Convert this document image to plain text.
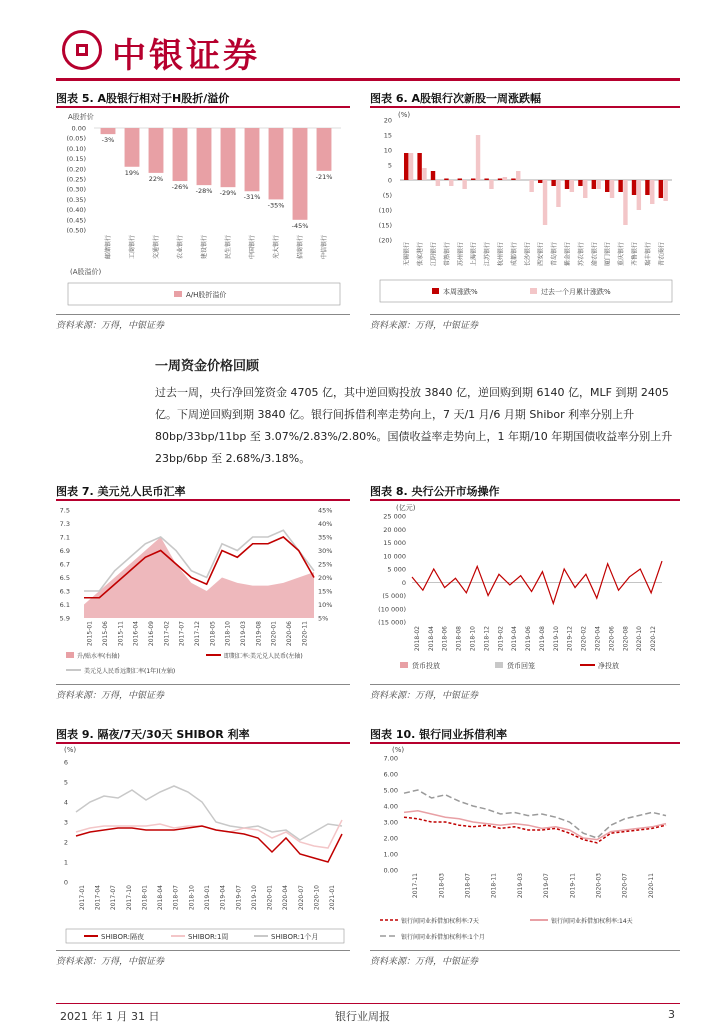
中银证券
图表 5. A股银行相对于H股折/溢价
A股折价
0.00
(0.05)
(0.10)
(0.15)
(0.20)
(0.25)
(0.30)
(0.35)
(0.40)
(0.45)
(0.50)
-3%
邮储银行
19%
工商银行
22%
交通银行
-26%
农业银行
-28%
建设银行
-29%
民生银行
-31%
中国银行
-35%
光大银行
-45%
招商银行
-21%
中信银行
(A股溢价)
A/H股折溢价
资料来源：万得，中银证券
图表 6. A股银行次新股一周涨跌幅
(%)
20
15
10
5
0
(5)
(10)
(15)
(20)
无锡银行 张家港行 江阴银行 常熟银行 苏州银行 上海银行 江苏银行 杭州银行 成都银行 长沙银行 西安银行 青岛银行 紫金银行 苏农银行 渝农银行 厦门银行 重庆银行 齐鲁银行 瑞丰银行 青农商行
本周涨跌%	过去一个月累计涨跌%
资料来源：万得，中银证券
一周资金价格回顾
过去一周，央行净回笼资金 4705 亿，其中逆回购投放 3840 亿，逆回购到期 6140 亿，MLF 到期 2405 亿。下周逆回购到期 3840 亿。银行间拆借利率走势向上，7 天/1 月/6 月期 Shibor 利率分别上升 80bp/33bp/11bp 至 3.07%/2.83%/2.80%。国债收益率走势向上，1 年期/10 年期国债收益率分别上升 23bp/6bp 至 2.68%/3.18%。
图表 7. 美元兑人民币汇率
7.5
7.3
7.1
6.9
6.7
6.5
6.3
6.1
5.9
45%
40%
35%
30%
25%
20%
15%
10%
5%
2015-01 2015-06 2015-11 2016-04 2016-09 2017-02 2017-07 2017-12 2018-05 2018-10 2019-03 2019-08 2020-01 2020-06 2020-11
升/贴水率(右轴)	即期汇率:美元兑人民币(左轴)
美元兑人民币远期汇率(1年)(左轴)
资料来源：万得，中银证券
图表 8. 央行公开市场操作
(亿元)
25 000
20 000
15 000
10 000
5 000
0
(5 000)
(10 000)
(15 000)
2018-02 2018-04 2018-06 2018-08 2018-10 2018-12 2019-02 2019-04 2019-06 2019-08 2019-10 2019-12 2020-02 2020-04 2020-06 2020-08 2020-10 2020-12
货币投放	货币回笼	净投放
资料来源：万得，中银证券
图表 9. 隔夜/7天/30天 SHIBOR 利率
(%)
6
5
4
3
2
1
0
2017-01 2017-04 2017-07 2017-10 2018-01 2018-04 2018-07 2018-10 2019-01 2019-04 2019-07 2019-10 2020-01 2020-04 2020-07 2020-10 2021-01
SHIBOR:隔夜	SHIBOR:1周	SHIBOR:1个月
资料来源：万得，中银证券
图表 10. 银行同业拆借利率
(%)
7.00
6.00
5.00
4.00
3.00
2.00
1.00
0.00
2017-11	2018-03	2018-07	2018-11	2019-03	2019-07	2019-11	2020-03	2020-07	2020-11
银行间同业拆借加权利率:7天	银行间同业拆借加权利率:14天
银行间同业拆借加权利率:1个月
资料来源：万得，中银证券
2021 年 1 月 31 日	银行业周报	3
